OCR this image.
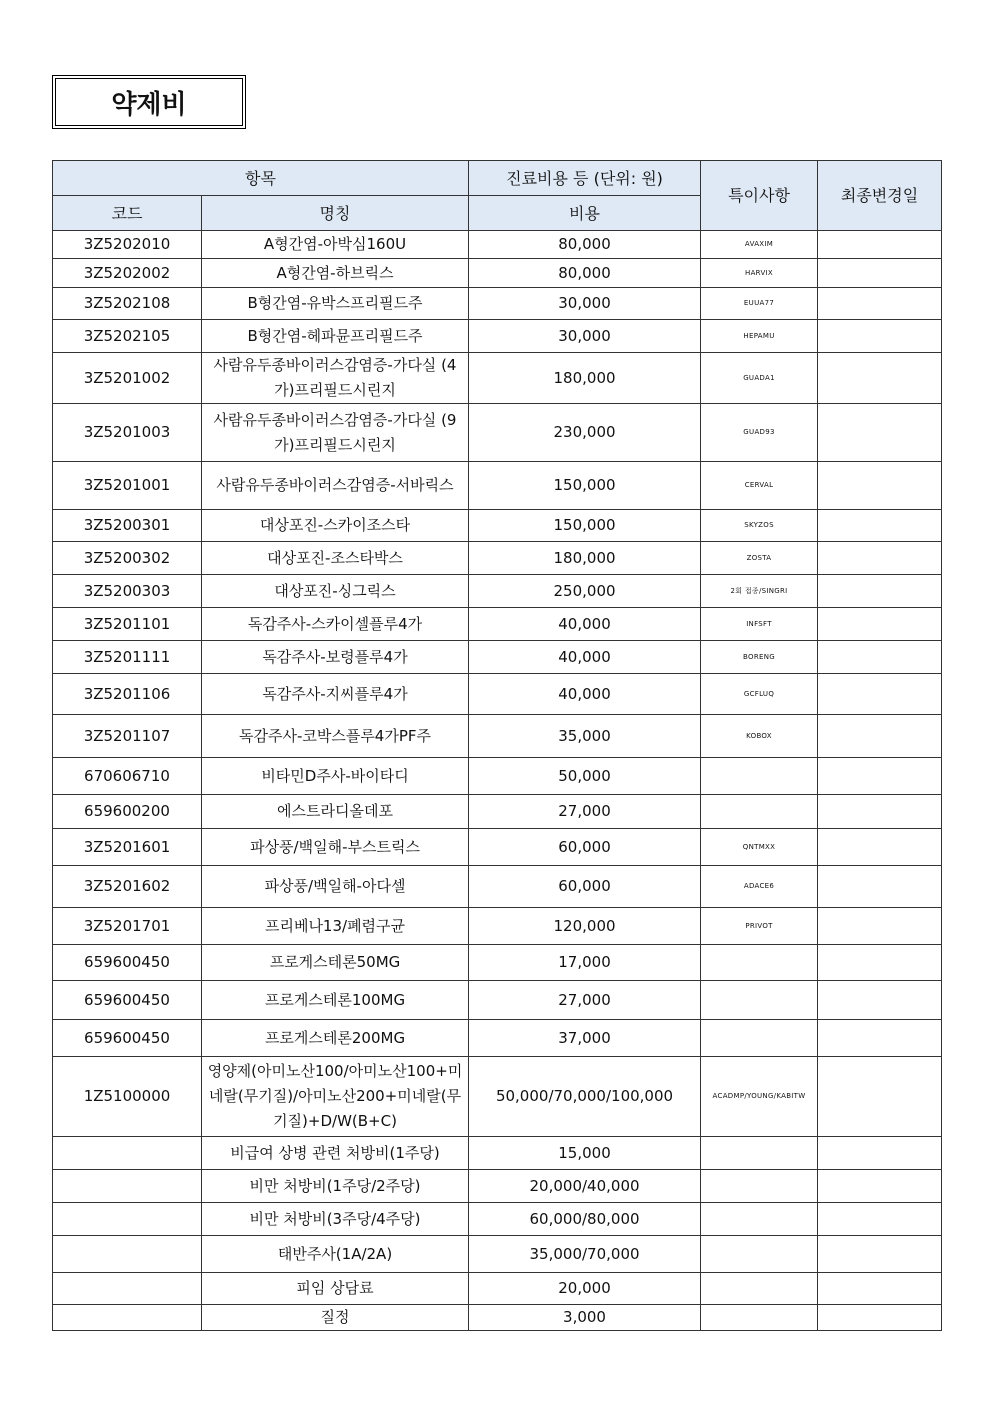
약제비
항목		진료비용 등 (단위: 원)	특이사항	최종변경일
코드	명칭	비용		
3Z5202010	A형간염-아박심160U	80,000	AVAXIM	
3Z5202002	A형간염-하브릭스	80,000	HARVIX	
3Z5202108	B형간염-유박스프리필드주	30,000	EUUA77	
3Z5202105	B형간염-헤파뮨프리필드주	30,000	HEPAMU	
3Z5201002	사람유두종바이러스감염증-가다실 (4가)프리필드시린지	180,000	GUADA1	
3Z5201003	사람유두종바이러스감염증-가다실 (9가)프리필드시린지	230,000	GUAD93	
3Z5201001	사람유두종바이러스감염증-서바릭스	150,000	CERVAL	
3Z5200301	대상포진-스카이조스타	150,000	SKYZOS	
3Z5200302	대상포진-조스타박스	180,000	ZOSTA	
3Z5200303	대상포진-싱그릭스	250,000	2회 접종/SINGRI	
3Z5201101	독감주사-스카이셀플루4가	40,000	INFSFT	
3Z5201111	독감주사-보령플루4가	40,000	BORENG	
3Z5201106	독감주사-지씨플루4가	40,000	GCFLUQ	
3Z5201107	독감주사-코박스플루4가PF주	35,000	KOBOX	
670606710	비타민D주사-바이타디	50,000		
659600200	에스트라디올데포	27,000		
3Z5201601	파상풍/백일해-부스트릭스	60,000	QNTMXX	
3Z5201602	파상풍/백일해-아다셀	60,000	ADACE6	
3Z5201701	프리베나13/폐렴구균	120,000	PRIVOT	
659600450	프로게스테론50MG	17,000		
659600450	프로게스테론100MG	27,000		
659600450	프로게스테론200MG	37,000		
1Z5100000	영양제(아미노산100/아미노산100+미네랄(무기질)/아미노산200+미네랄(무기질)+D/W(B+C)	50,000/70,000/100,000	ACADMP/YOUNG/KABITW	
	비급여 상병 관련 처방비(1주당)	15,000		
	비만 처방비(1주당/2주당)	20,000/40,000		
	비만 처방비(3주당/4주당)	60,000/80,000		
	태반주사(1A/2A)	35,000/70,000		
	피임 상담료	20,000		
	질정	3,000		
